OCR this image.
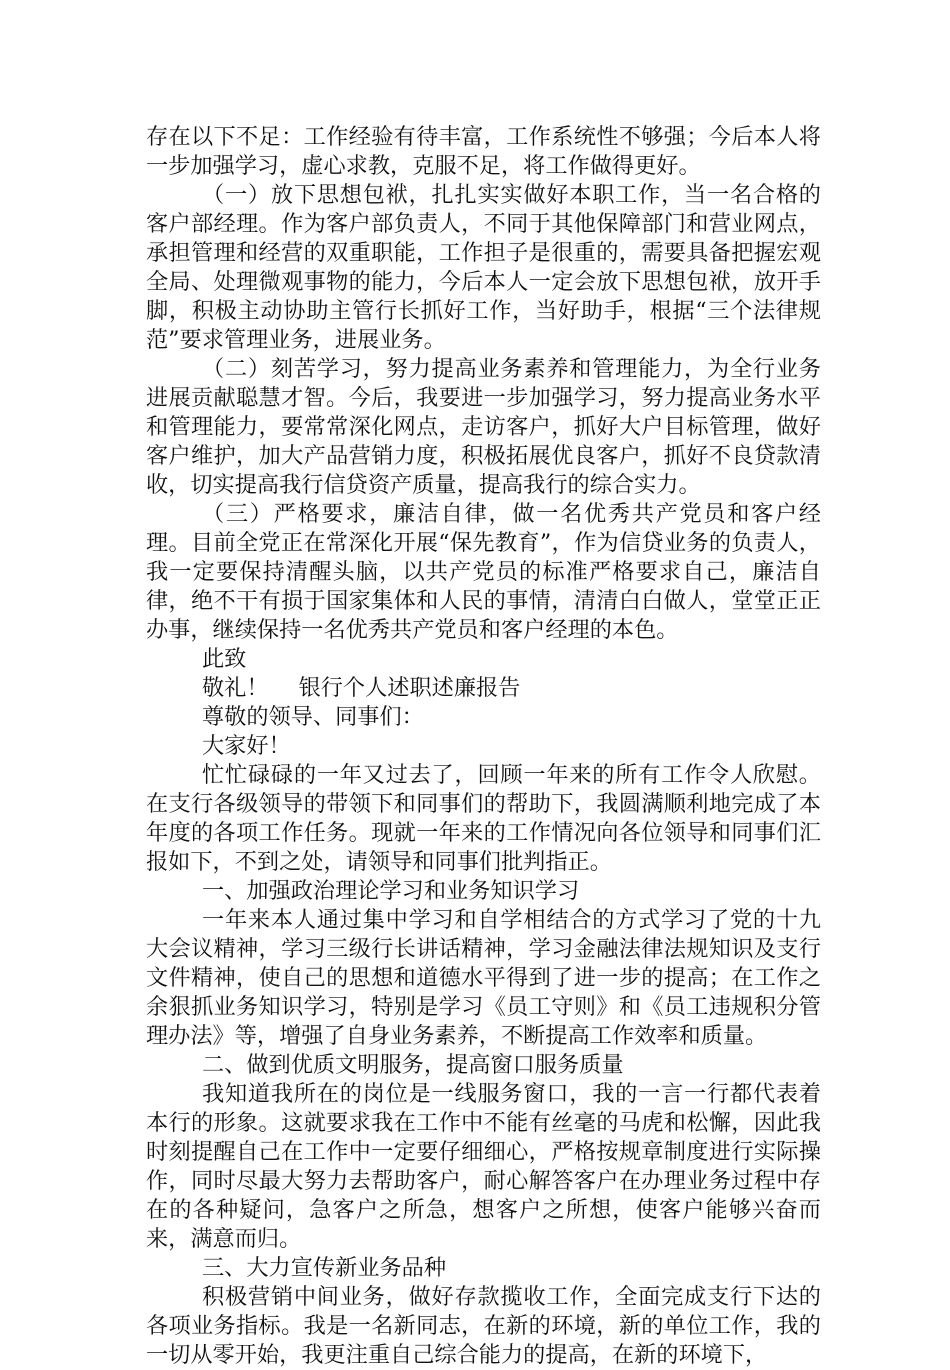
存在以下不足：工作经验有待丰富，工作系统性不够强；今后本人将一步加强学习，虚心求教，克服不足，将工作做得更好。

（一）放下思想包袱，扎扎实实做好本职工作，当一名合格的客户部经理。作为客户部负责人，不同于其他保障部门和营业网点，承担管理和经营的双重职能，工作担子是很重的，需要具备把握宏观全局、处理微观事物的能力，今后本人一定会放下思想包袱，放开手脚，积极主动协助主管行长抓好工作，当好助手，根据“三个法律规范”要求管理业务，进展业务。

（二）刻苦学习，努力提高业务素养和管理能力，为全行业务进展贡献聪慧才智。今后，我要进一步加强学习，努力提高业务水平和管理能力，要常常深化网点，走访客户，抓好大户目标管理，做好客户维护，加大产品营销力度，积极拓展优良客户，抓好不良贷款清收，切实提高我行信贷资产质量，提高我行的综合实力。

（三）严格要求，廉洁自律，做一名优秀共产党员和客户经理。目前全党正在常深化开展“保先教育”，作为信贷业务的负责人，我一定要保持清醒头脑，以共产党员的标准严格要求自己，廉洁自律，绝不干有损于国家集体和人民的事情，清清白白做人，堂堂正正办事，继续保持一名优秀共产党员和客户经理的本色。

此致

敬礼！ 银行个人述职述廉报告

尊敬的领导、同事们：

大家好！

忙忙碌碌的一年又过去了，回顾一年来的所有工作令人欣慰。在支行各级领导的带领下和同事们的帮助下，我圆满顺利地完成了本年度的各项工作任务。现就一年来的工作情况向各位领导和同事们汇报如下，不到之处，请领导和同事们批判指正。

一、加强政治理论学习和业务知识学习

一年来本人通过集中学习和自学相结合的方式学习了党的十九大会议精神，学习三级行长讲话精神，学习金融法律法规知识及支行文件精神，使自己的思想和道德水平得到了进一步的提高；在工作之余狠抓业务知识学习，特别是学习《员工守则》和《员工违规积分管理办法》等，增强了自身业务素养，不断提高工作效率和质量。

二、做到优质文明服务，提高窗口服务质量

我知道我所在的岗位是一线服务窗口，我的一言一行都代表着本行的形象。这就要求我在工作中不能有丝毫的马虎和松懈，因此我时刻提醒自己在工作中一定要仔细细心，严格按规章制度进行实际操作，同时尽最大努力去帮助客户，耐心解答客户在办理业务过程中存在的各种疑问，急客户之所急，想客户之所想，使客户能够兴奋而来，满意而归。

三、大力宣传新业务品种

积极营销中间业务，做好存款揽收工作，全面完成支行下达的各项业务指标。我是一名新同志，在新的环境，新的单位工作，我的一切从零开始，我更注重自己综合能力的提高，在新的环境下，
